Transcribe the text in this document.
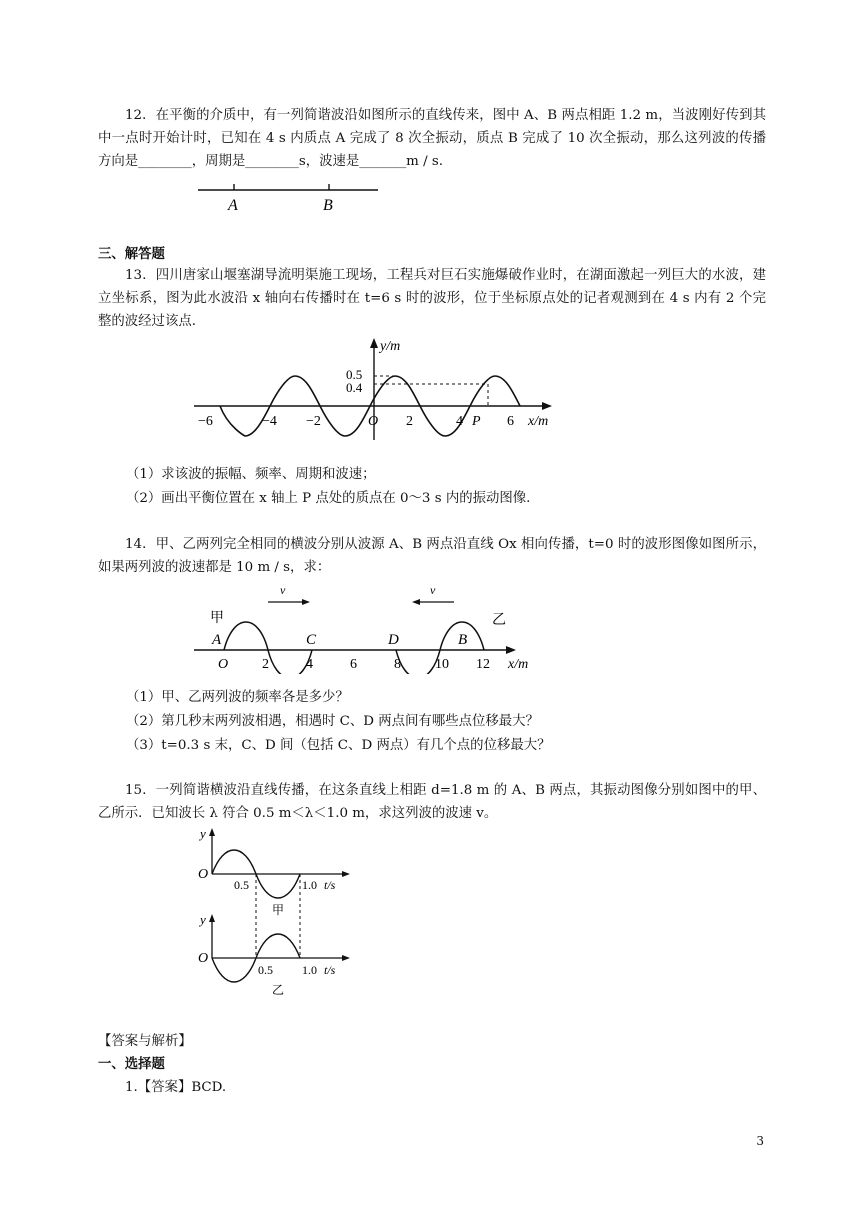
12．在平衡的介质中，有一列简谐波沿如图所示的直线传来，图中 A、B 两点相距 1.2 m，当波刚好传到其中一点时开始计时，已知在 4 s 内质点 A 完成了 8 次全振动，质点 B 完成了 10 次全振动，那么这列波的传播方向是________，周期是________s，波速是_______m / s.
A	B
三、解答题
13．四川唐家山堰塞湖导流明渠施工现场，工程兵对巨石实施爆破作业时，在湖面激起一列巨大的水波，建立坐标系，图为此水波沿 x 轴向右传播时在 t=6 s 时的波形，位于坐标原点处的记者观测到在 4 s 内有 2 个完整的波经过该点.
y/m
0.5
0.4
−6	−4 −2	O 2	4 P 6 x/m
（1）求该波的振幅、频率、周期和波速；
（2）画出平衡位置在 x 轴上 P 点处的质点在 0～3 s 内的振动图像.
14．甲、乙两列完全相同的横波分别从波源 A、B 两点沿直线 Ox 相向传播，t=0 时的波形图像如图所示，如果两列波的波速都是 10 m / s，求：
v	v
甲	乙
A	C	D	B
O 2	4	6	8 10 12 x/m
（1）甲、乙两列波的频率各是多少？
（2）第几秒末两列波相遇，相遇时 C、D 两点间有哪些点位移最大？
（3）t=0.3 s 末，C、D 间（包括 C、D 两点）有几个点的位移最大？
15．一列简谐横波沿直线传播，在这条直线上相距 d=1.8 m 的 A、B 两点，其振动图像分别如图中的甲、乙所示．已知波长 λ 符合 0.5 m＜λ＜1.0 m，求这列波的波速 v。
y
O
0.5	1.0 t/s
甲
y
O
0.5 1.0 t/s
乙
【答案与解析】
一、选择题
1.【答案】BCD.
3
